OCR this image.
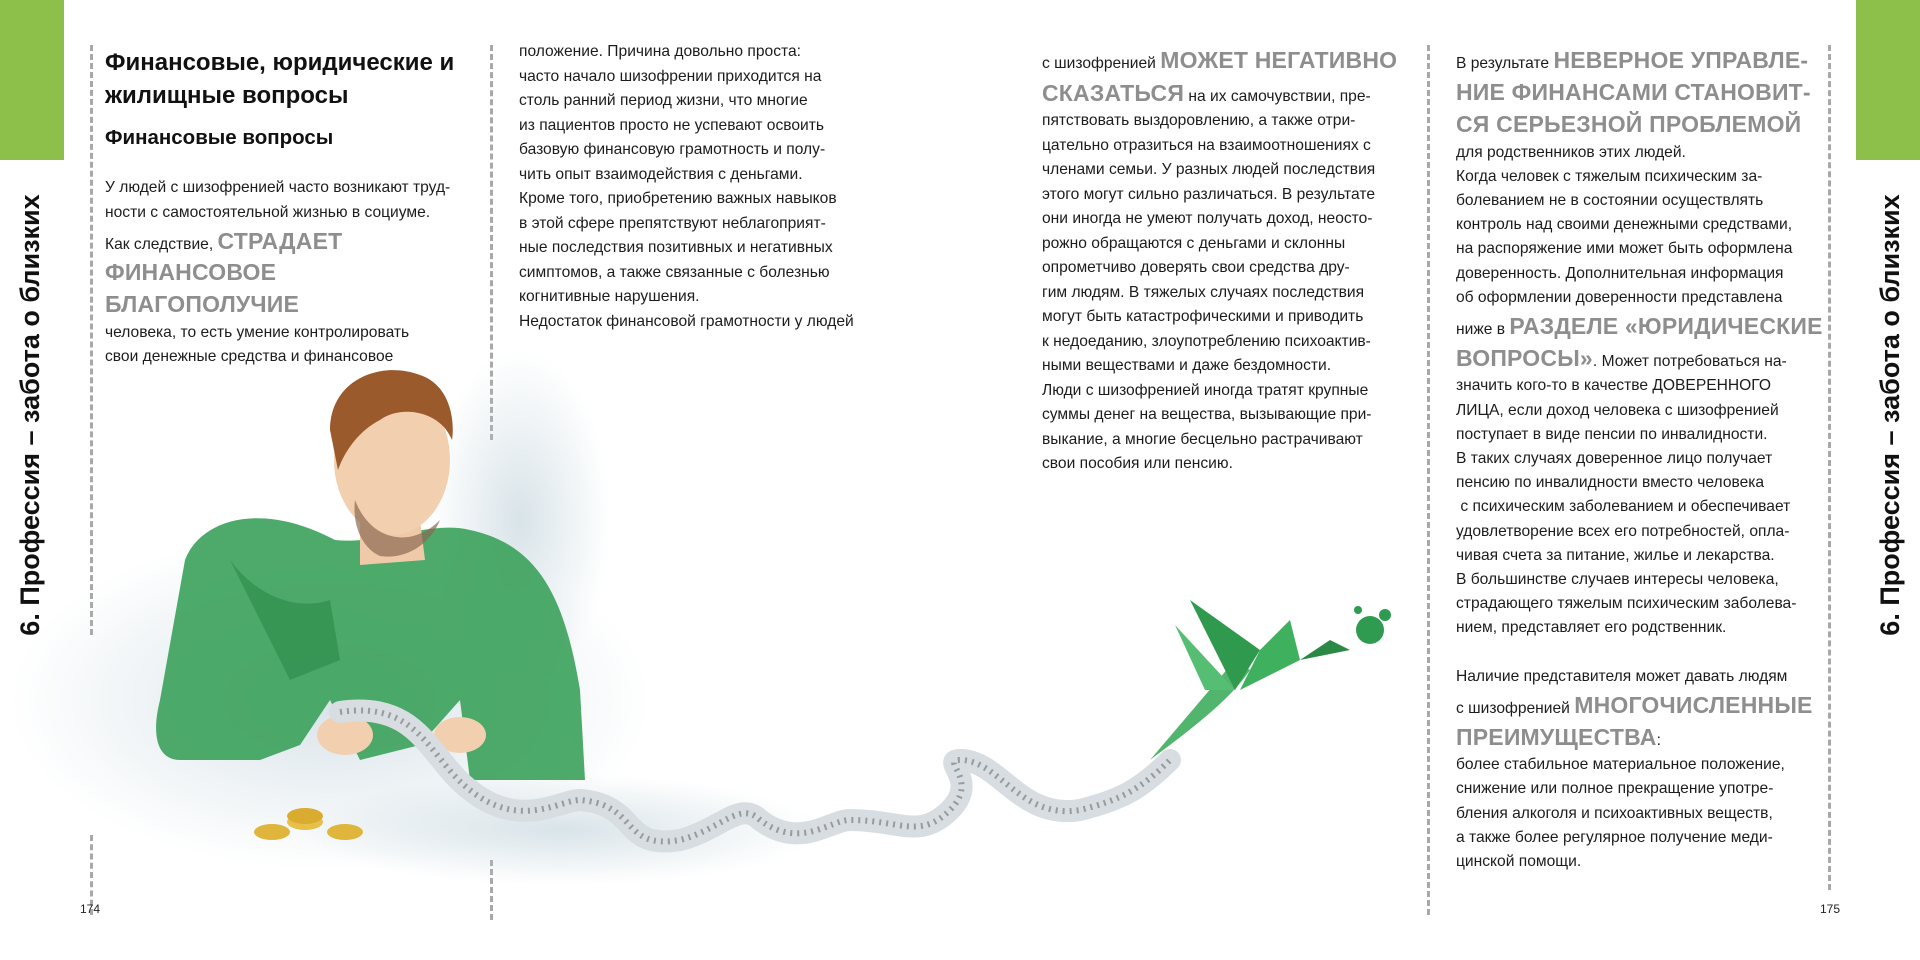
6. Профессия – забота о близких	6. Профессия – забота о близких
Финансовые, юридические и жилищные вопросы
Финансовые вопросы

У людей с шизофренией часто возникают труд-

ности с самостоятельной жизнью в социуме.

Как следствие, СТРАДАЕТ

ФИНАНСОВОЕ БЛАГОПОЛУЧИЕ

человека, то есть умение контролировать

свои денежные средства и финансовое

положение. Причина довольно проста:

часто начало шизофрении приходится на

столь ранний период жизни, что многие

из пациентов просто не успевают освоить

базовую финансовую грамотность и полу-

чить опыт взаимодействия с деньгами.

Кроме того, приобретению важных навыков

в этой сфере препятствуют неблагоприят-

ные последствия позитивных и негативных

симптомов, а также связанные с болезнью

когнитивные нарушения.

Недостаток финансовой грамотности у людей

с шизофренией МОЖЕТ НЕГАТИВНО

СКАЗАТЬСЯ на их самочувствии, пре-

пятствовать выздоровлению, а также отри-

цательно отразиться на взаимоотношениях с

членами семьи. У разных людей последствия

этого могут сильно различаться. В результате

они иногда не умеют получать доход, неосто-

рожно обращаются с деньгами и склонны

опрометчиво доверять свои средства дру-

гим людям. В тяжелых случаях последствия

могут быть катастрофическими и приводить

к недоеданию, злоупотреблению психоактив-

ными веществами и даже бездомности.

Люди с шизофренией иногда тратят крупные

суммы денег на вещества, вызывающие при-

выкание, а многие бесцельно растрачивают

свои пособия или пенсию.

В результате НЕВЕРНОЕ УПРАВЛЕ-

НИЕ ФИНАНСАМИ СТАНОВИТ-

СЯ СЕРЬЕЗНОЙ ПРОБЛЕМОЙ

для родственников этих людей.

Когда человек с тяжелым психическим за-

болеванием не в состоянии осуществлять

контроль над своими денежными средствами,

на распоряжение ими может быть оформлена

доверенность. Дополнительная информация

об оформлении доверенности представлена

ниже в РАЗДЕЛЕ «ЮРИДИЧЕСКИЕ

ВОПРОСЫ». Может потребоваться на-

значить кого-то в качестве ДОВЕРЕННОГО

ЛИЦА, если доход человека с шизофренией

поступает в виде пенсии по инвалидности.

В таких случаях доверенное лицо получает

пенсию по инвалидности вместо человека

с психическим заболеванием и обеспечивает

удовлетворение всех его потребностей, опла-

чивая счета за питание, жилье и лекарства.

В большинстве случаев интересы человека,

страдающего тяжелым психическим заболева-

нием, представляет его родственник.

Наличие представителя может давать людям

с шизофренией МНОГОЧИСЛЕННЫЕ

ПРЕИМУЩЕСТВА:

более стабильное материальное положение,

снижение или полное прекращение употре-

бления алкоголя и психоактивных веществ,

а также более регулярное получение меди-

цинской помощи.

174	175
